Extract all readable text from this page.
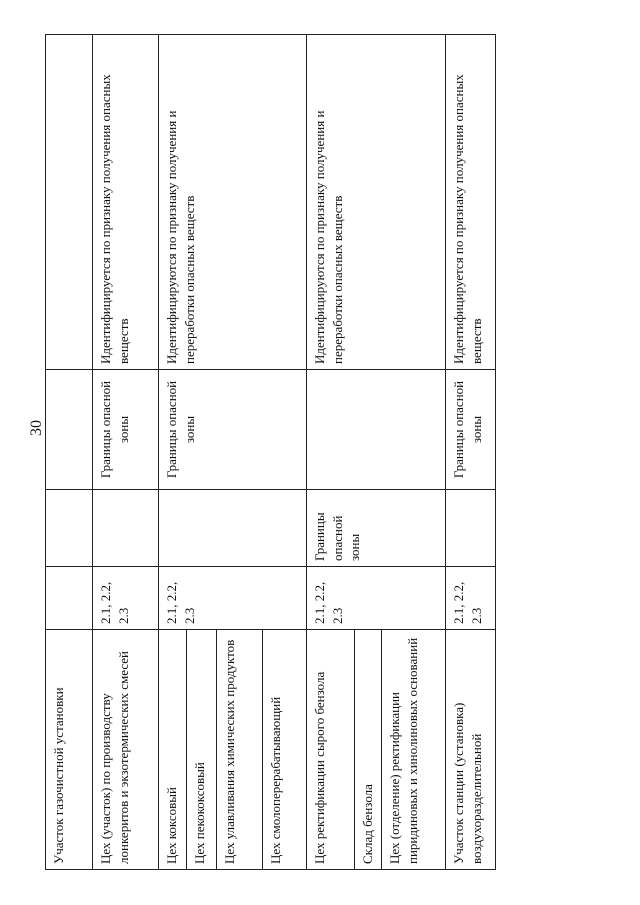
30
Участок газочистной установки				
Цех (участок) по производству лонкеритов и экзотермических смесей	2.1, 2.2, 2.3		Границы опасной зоны	Идентифицируется по признаку получения опасных веществ
Цех коксовый	2.1, 2.2, 2.3		Границы опасной зоны	Идентифицируются по признаку получения и переработки опасных веществ
Цех пекококсовый				
Цех улавливания химических продуктов				
Цех смолоперерабатывающий				
Цех ректификации сырого бензола	2.1, 2.2, 2.3	Границы опасной зоны		Идентифицируются по признаку получения и переработки опасных веществ
Склад бензола				
Цех (отделение) ректификации пиридиновых и хинолиновых оснований				
Участок станции (установка) воздухоразделительной	2.1, 2.2, 2.3		Границы опасной зоны	Идентифицируется по признаку получения опасных веществ
